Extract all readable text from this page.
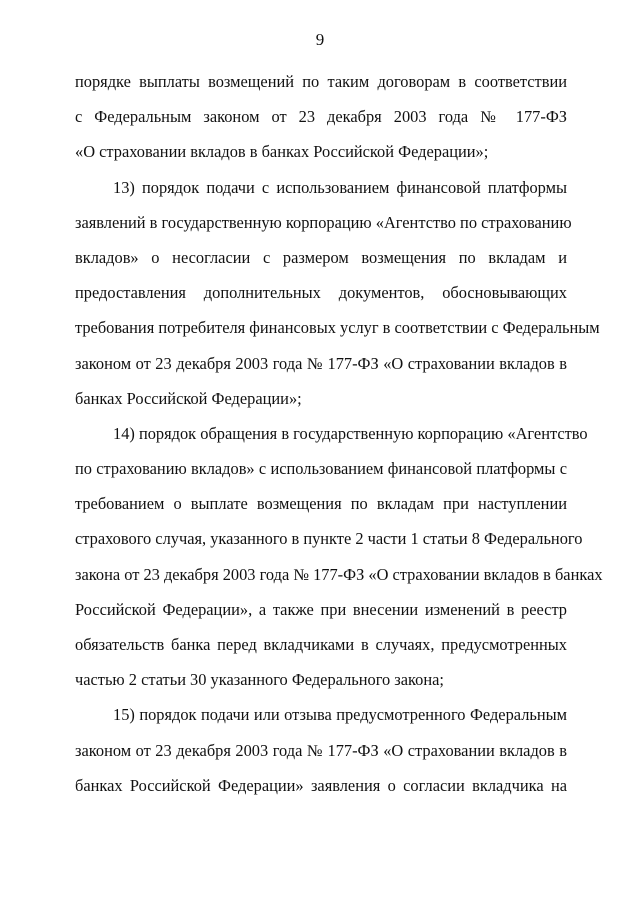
9
порядке выплаты возмещений по таким договорам в соответствии
с Федеральным законом от 23 декабря 2003 года № 177-ФЗ
«О страховании вкладов в банках Российской Федерации»;
13) порядок подачи с использованием финансовой платформы
заявлений в государственную корпорацию «Агентство по страхованию
вкладов» о несогласии с размером возмещения по вкладам и
предоставления дополнительных документов, обосновывающих
требования потребителя финансовых услуг в соответствии с Федеральным
законом от 23 декабря 2003 года № 177-ФЗ «О страховании вкладов в
банках Российской Федерации»;
14) порядок обращения в государственную корпорацию «Агентство
по страхованию вкладов» с использованием финансовой платформы с
требованием о выплате возмещения по вкладам при наступлении
страхового случая, указанного в пункте 2 части 1 статьи 8 Федерального
закона от 23 декабря 2003 года № 177-ФЗ «О страховании вкладов в банках
Российской Федерации», а также при внесении изменений в реестр
обязательств банка перед вкладчиками в случаях, предусмотренных
частью 2 статьи 30 указанного Федерального закона;
15) порядок подачи или отзыва предусмотренного Федеральным
законом от 23 декабря 2003 года № 177-ФЗ «О страховании вкладов в
банках Российской Федерации» заявления о согласии вкладчика на
